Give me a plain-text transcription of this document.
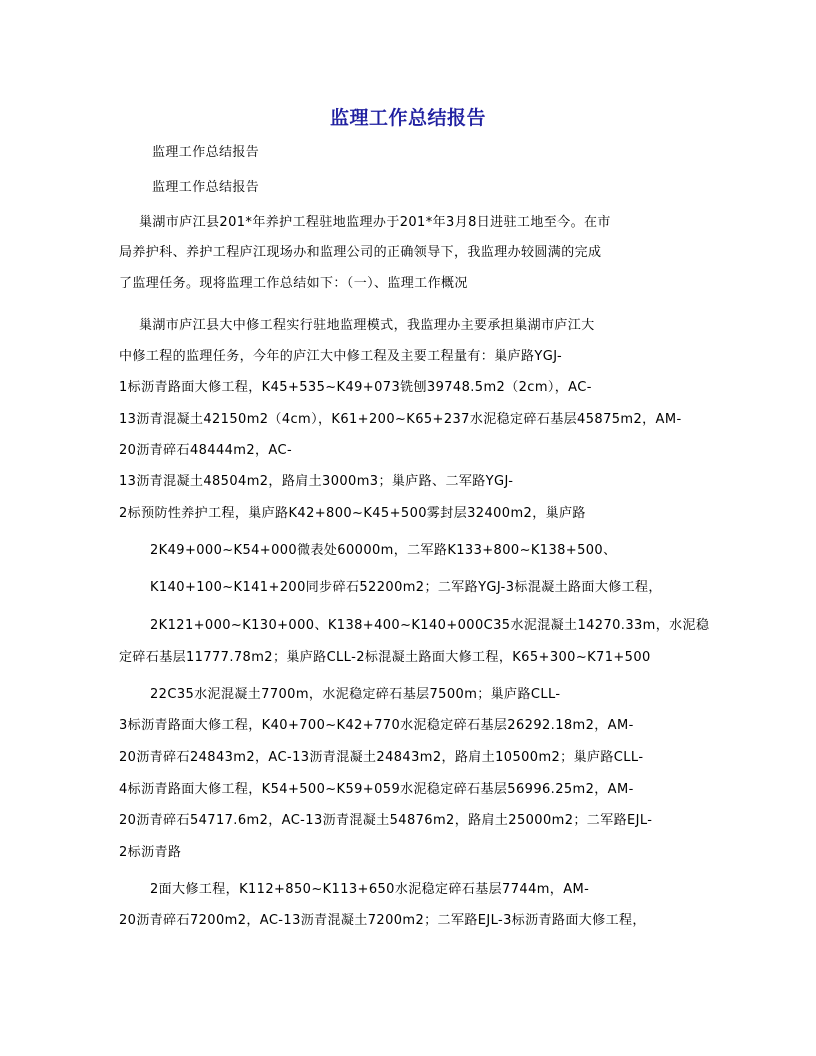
监理工作总结报告
监理工作总结报告
监理工作总结报告
巢湖市庐江县201*年养护工程驻地监理办于201*年3月8日进驻工地至今。在市
局养护科、养护工程庐江现场办和监理公司的正确领导下，我监理办较圆满的完成
了监理任务。现将监理工作总结如下：（一）、监理工作概况
巢湖市庐江县大中修工程实行驻地监理模式，我监理办主要承担巢湖市庐江大
中修工程的监理任务，今年的庐江大中修工程及主要工程量有：巢庐路YGJ-
1标沥青路面大修工程，K45+535~K49+073铣刨39748.5m2（2cm），AC-
13沥青混凝土42150m2（4cm），K61+200~K65+237水泥稳定碎石基层45875m2，AM-
20沥青碎石48444m2，AC-
13沥青混凝土48504m2，路肩土3000m3；巢庐路、二军路YGJ-
2标预防性养护工程，巢庐路K42+800~K45+500雾封层32400m2，巢庐路
2K49+000~K54+000微表处60000m，二军路K133+800~K138+500、
K140+100~K141+200同步碎石52200m2；二军路YGJ-3标混凝土路面大修工程，
2K121+000~K130+000、K138+400~K140+000C35水泥混凝土14270.33m，水泥稳
定碎石基层11777.78m2；巢庐路CLL-2标混凝土路面大修工程，K65+300~K71+500
22C35水泥混凝土7700m，水泥稳定碎石基层7500m；巢庐路CLL-
3标沥青路面大修工程，K40+700~K42+770水泥稳定碎石基层26292.18m2，AM-
20沥青碎石24843m2，AC-13沥青混凝土24843m2，路肩土10500m2；巢庐路CLL-
4标沥青路面大修工程，K54+500~K59+059水泥稳定碎石基层56996.25m2，AM-
20沥青碎石54717.6m2，AC-13沥青混凝土54876m2，路肩土25000m2；二军路EJL-
2标沥青路
2面大修工程，K112+850~K113+650水泥稳定碎石基层7744m，AM-
20沥青碎石7200m2，AC-13沥青混凝土7200m2；二军路EJL-3标沥青路面大修工程，
